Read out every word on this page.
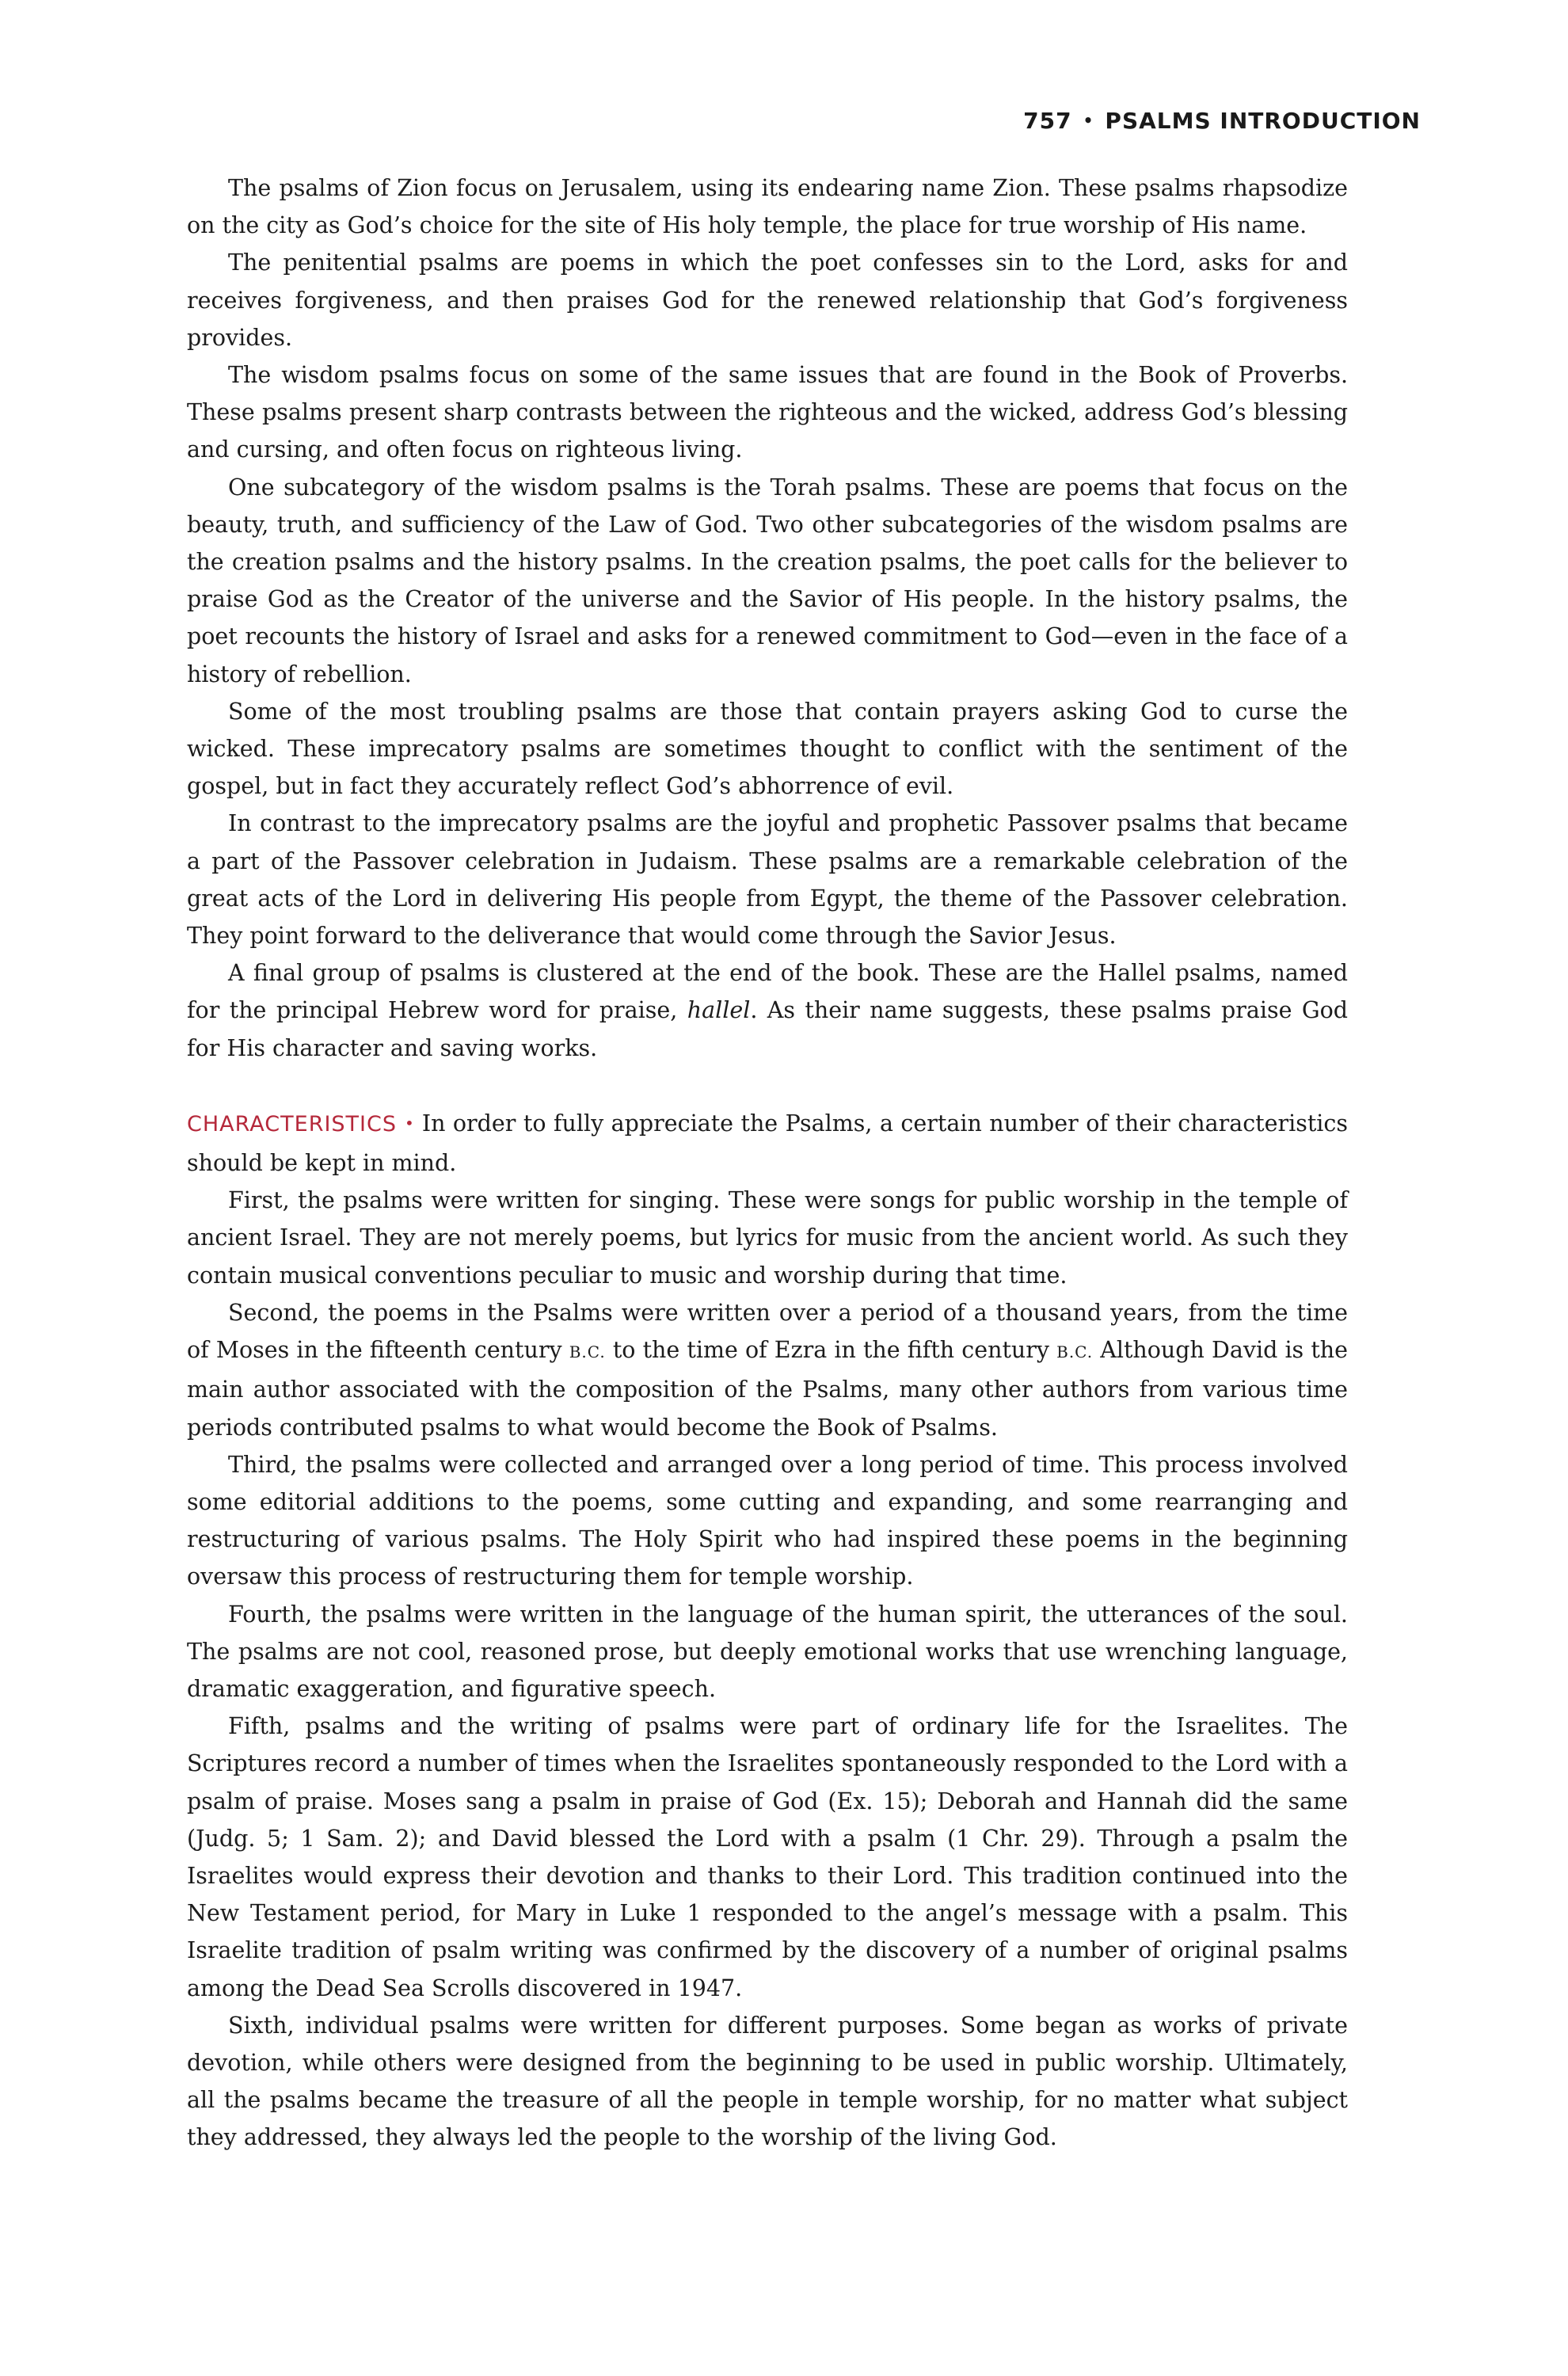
757 • PSALMS INTRODUCTION

The psalms of Zion focus on Jerusalem, using its endearing name Zion. These psalms rhapsodize on the city as God’s choice for the site of His holy temple, the place for true worship of His name.

The penitential psalms are poems in which the poet confesses sin to the Lord, asks for and receives forgiveness, and then praises God for the renewed relationship that God’s forgiveness provides.

The wisdom psalms focus on some of the same issues that are found in the Book of Proverbs. These psalms present sharp contrasts between the righteous and the wicked, address God’s blessing and cursing, and often focus on righteous living.

One subcategory of the wisdom psalms is the Torah psalms. These are poems that focus on the beauty, truth, and sufficiency of the Law of God. Two other subcategories of the wisdom psalms are the creation psalms and the history psalms. In the creation psalms, the poet calls for the believer to praise God as the Creator of the universe and the Savior of His people. In the history psalms, the poet recounts the history of Israel and asks for a renewed commitment to God—even in the face of a history of rebellion.

Some of the most troubling psalms are those that contain prayers asking God to curse the wicked. These imprecatory psalms are sometimes thought to conflict with the sentiment of the gospel, but in fact they accurately reflect God’s abhorrence of evil.

In contrast to the imprecatory psalms are the joyful and prophetic Passover psalms that became a part of the Passover celebration in Judaism. These psalms are a remarkable celebration of the great acts of the Lord in delivering His people from Egypt, the theme of the Passover celebration. They point forward to the deliverance that would come through the Savior Jesus.

A final group of psalms is clustered at the end of the book. These are the Hallel psalms, named for the principal Hebrew word for praise, hallel. As their name suggests, these psalms praise God for His character and saving works.

CHARACTERISTICS • In order to fully appreciate the Psalms, a certain number of their characteristics should be kept in mind.

First, the psalms were written for singing. These were songs for public worship in the temple of ancient Israel. They are not merely poems, but lyrics for music from the ancient world. As such they contain musical conventions peculiar to music and worship during that time.

Second, the poems in the Psalms were written over a period of a thousand years, from the time of Moses in the fifteenth century B.C. to the time of Ezra in the fifth century B.C. Although David is the main author associated with the composition of the Psalms, many other authors from various time periods contributed psalms to what would become the Book of Psalms.

Third, the psalms were collected and arranged over a long period of time. This process involved some editorial additions to the poems, some cutting and expanding, and some rearranging and restructuring of various psalms. The Holy Spirit who had inspired these poems in the beginning oversaw this process of restructuring them for temple worship.

Fourth, the psalms were written in the language of the human spirit, the utterances of the soul. The psalms are not cool, reasoned prose, but deeply emotional works that use wrenching language, dramatic exaggeration, and figurative speech.

Fifth, psalms and the writing of psalms were part of ordinary life for the Israelites. The Scriptures record a number of times when the Israelites spontaneously responded to the Lord with a psalm of praise. Moses sang a psalm in praise of God (Ex. 15); Deborah and Hannah did the same (Judg. 5; 1 Sam. 2); and David blessed the Lord with a psalm (1 Chr. 29). Through a psalm the Israelites would express their devotion and thanks to their Lord. This tradition continued into the New Testament period, for Mary in Luke 1 responded to the angel’s message with a psalm. This Israelite tradition of psalm writing was confirmed by the discovery of a number of original psalms among the Dead Sea Scrolls discovered in 1947.

Sixth, individual psalms were written for different purposes. Some began as works of private devotion, while others were designed from the beginning to be used in public worship. Ultimately, all the psalms became the treasure of all the people in temple worship, for no matter what subject they addressed, they always led the people to the worship of the living God.
